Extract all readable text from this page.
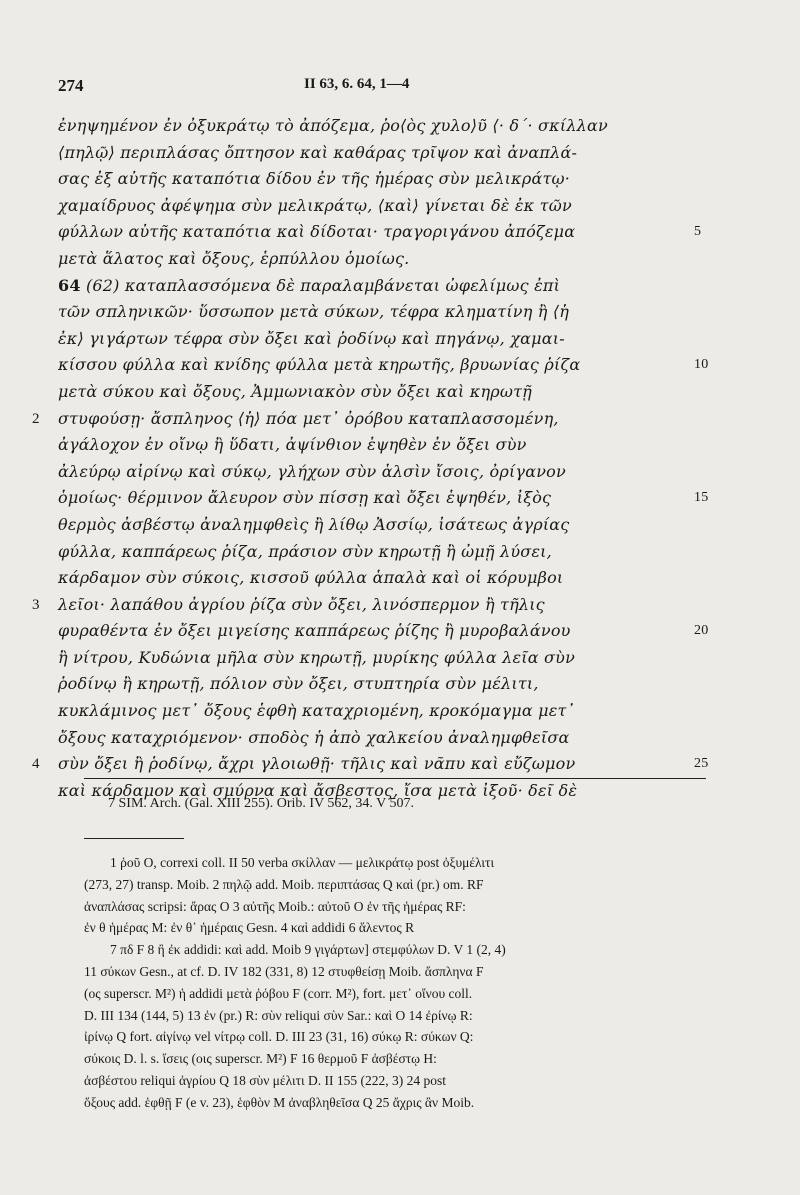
274	II 63, 6. 64, 1—4
ἐνηψημένον ἐν ὀξυκράτῳ τὸ ἀπόζεμα, ῥο⟨ὸς χυλο⟩ῦ ⟨· δ΄· σκίλλαν
⟨πηλῷ⟩ περιπλάσας ὄπτησον καὶ καθάρας τρῖψον καὶ ἀναπλά-
σας ἐξ αὐτῆς καταπότια δίδου ἐν τῆς ἡμέρας σὺν μελικράτῳ·
χαμαίδρυος ἀφέψημα σὺν μελικράτῳ, ⟨καὶ⟩ γίνεται δὲ ἐκ τῶν
φύλλων αὐτῆς καταπότια καὶ δίδοται· τραγοριγάνου ἀπόζεμα	5
μετὰ ἅλατος καὶ ὄξους, ἑρπύλλου ὁμοίως.
64 (62) καταπλασσόμενα δὲ παραλαμβάνεται ὠφελίμως ἐπὶ
τῶν σπληνικῶν· ὕσσωπον μετὰ σύκων, τέφρα κληματίνη ἢ ⟨ἡ
ἐκ⟩ γιγάρτων τέφρα σὺν ὄξει καὶ ῥοδίνῳ καὶ πηγάνῳ, χαμαι-
κίσσου φύλλα καὶ κνίδης φύλλα μετὰ κηρωτῆς, βρυωνίας ῥίζα	10
μετὰ σύκου καὶ ὄξους, Ἀμμωνιακὸν σὺν ὄξει καὶ κηρωτῇ
2 στυφούσῃ· ἄσπληνος ⟨ἡ⟩ πόα μετ᾿ ὀρόβου καταπλασσομένη,
ἀγάλοχον ἐν οἴνῳ ἢ ὕδατι, ἀψίνθιον ἑψηθὲν ἐν ὄξει σὺν
ἀλεύρῳ αἰρίνῳ καὶ σύκῳ, γλήχων σὺν ἁλσὶν ἴσοις, ὀρίγανον
ὁμοίως· θέρμινον ἄλευρον σὺν πίσσῃ καὶ ὄξει ἑψηθέν, ἰξὸς	15
θερμὸς ἀσβέστῳ ἀναλημφθεὶς ἢ λίθῳ Ἀσσίῳ, ἰσάτεως ἀγρίας
φύλλα, καππάρεως ῥίζα, πράσιον σὺν κηρωτῇ ἢ ὠμῇ λύσει,
κάρδαμον σὺν σύκοις, κισσοῦ φύλλα ἁπαλὰ καὶ οἱ κόρυμβοι
3 λεῖοι· λαπάθου ἀγρίου ῥίζα σὺν ὄξει, λινόσπερμον ἢ τῆλις
φυραθέντα ἐν ὄξει μιγείσης καππάρεως ῥίζης ἢ μυροβαλάνου	20
ἢ νίτρου, Κυδώνια μῆλα σὺν κηρωτῇ, μυρίκης φύλλα λεῖα σὺν
ῥοδίνῳ ἢ κηρωτῇ, πόλιον σὺν ὄξει, στυπτηρία σὺν μέλιτι,
κυκλάμινος μετ᾿ ὄξους ἑφθὴ καταχριομένη, κροκόμαγμα μετ᾿
ὄξους καταχριόμενον· σποδὸς ἡ ἀπὸ χαλκείου ἀναλημφθεῖσα
4 σὺν ὄξει ἢ ῥοδίνῳ, ἄχρι γλοιωθῇ· τῆλις καὶ νᾶπυ καὶ εὔζωμον	25
καὶ κάρδαμον καὶ σμύρνα καὶ ἄσβεστος, ἴσα μετὰ ἰξοῦ· δεῖ δὲ
7 SIM. Arch. (Gal. XIII 255). Orib. IV 562, 34. V 507.
1 ῥοῦ O, correxi coll. II 50 verba σκίλλαν — μελικράτῳ post ὀξυμέλιτι
(273, 27) transp. Moib. 2 πηλῷ add. Moib. περιπτάσας Q καὶ (pr.) om. RF
ἀναπλάσας scripsi: ἄρας O 3 αὐτῆς Moib.: αὐτοῦ O ἐν τῆς ἡμέρας RF:
ἐν θ ἡμέρας M: ἐν θ᾿ ἡμέραις Gesn. 4 καὶ addidi 6 ἅλεντος R
7 πδ F 8 ἢ ἐκ addidi: καὶ add. Moib 9 γιγάρτων] στεμφύλων D. V 1 (2, 4)
11 σύκων Gesn., at cf. D. IV 182 (331, 8) 12 στυφθείσῃ Moib. ἄσπληνα F
(ος superscr. M²) ἡ addidi μετὰ ῥόβου F (corr. M²), fort. μετ᾿ οἴνου coll.
D. III 134 (144, 5) 13 ἐν (pr.) R: σὺν reliqui σὺν Sar.: καὶ O 14 ἐρίνῳ R:
ἰρίνῳ Q fort. αἰγίνῳ vel νίτρῳ coll. D. III 23 (31, 16) σύκῳ R: σύκων Q:
σύκοις D. l. s. ἴσεις (οις superscr. M²) F 16 θερμοῦ F ἀσβέστῳ H:
ἀσβέστου reliqui ἀγρίου Q 18 σὺν μέλιτι D. II 155 (222, 3) 24 post
ὄξους add. ἑφθῇ F (e v. 23), ἑφθὸν M ἀναβληθεῖσα Q 25 ἄχρις ἂν Moib.
